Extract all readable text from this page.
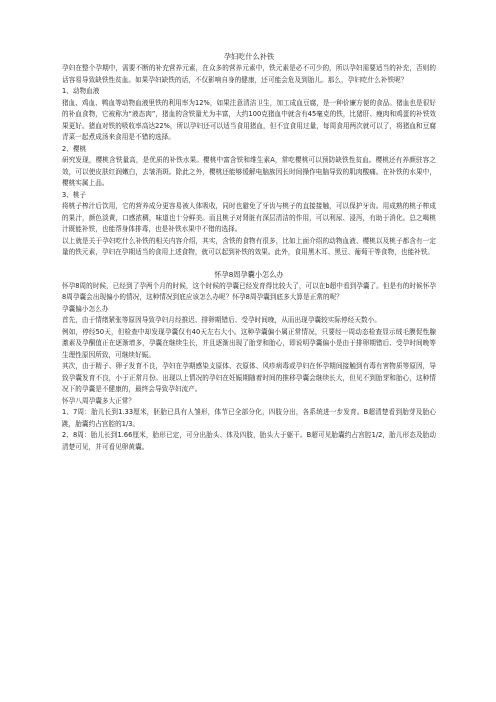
孕妇吃什么补铁

孕妇在整个孕期中，需要不断的补充营养元素，在众多的营养元素中，铁元素是必不可少的，所以孕妇需要适当的补充，否则的话容易导致缺铁性贫血。如果孕妇缺铁的话，不仅影响自身的健康，还可能会危及到胎儿。那么，孕妇吃什么补铁呢？

1、动物血液

猪血、鸡血、鸭血等动物血液里铁的利用率为12%，如果注意清洁卫生，加工成血豆腐，是一种价廉方便的食品。猪血也是很好的补血食物，它被称为“液态肉”，猪血的含铁量尤为丰富，大约100克猪血中就含有45毫克的铁，比猪肝、瘦肉和鸡蛋的补铁效果更好。猪血对铁的吸收率高达22%，所以孕妇还可以适当食用猪血，但不宜食用过量，每周食用两次就可以了，将猪血和豆腐青菜一起煮成汤来食用是不错的选择。

2、樱桃

研究发现，樱桃含铁量高，是优质的补铁水果。樱桃中富含铁和维生素A，常吃樱桃可以预防缺铁性贫血。樱桃还有养颜驻容之效，可以使皮肤红润嫩白，去皱消斑。除此之外，樱桃还能够缓解电脑族因长时间操作电脑导致的肌肉酸痛。在补铁的水果中，樱桃实属上品。

3、桃子

将桃子榨汁后饮用，它的营养成分更容易被人体吸收，同时也避免了牙齿与桃子的直接接触，可以保护牙齿。用成熟的桃子榨成的果汁，颜色淡黄，口感浓稠，味道也十分鲜美。而且桃子对肾脏有深层清洁的作用，可以利尿、浸泻，有助于消化。总之喝桃汁既能补铁，也能帮身体排毒，也是补铁水果中不错的选择。

以上就是关于孕妇吃什么补铁的相关内容介绍，其实，含铁的食物有很多，比如上面介绍的动物血液、樱桃以及桃子都含有一定量的铁元素，孕妇在孕期适当的食用上述食物，就可以起到补铁的效果。此外，食用黑木耳、黑豆、葡萄干等食物，也能补铁。

怀孕8周孕囊小怎么办

怀孕8周的时候，已经到了孕两个月的时候，这个时候的孕囊已经发育得比较大了，可以在b超中看到孕囊了。但是有的时候怀孕8周孕囊会出现偏小的情况，这种情况到底应该怎么办呢？怀孕8周孕囊到底多大算是正常的呢？

孕囊偏小怎么办

首先，由于情绪紧张等原因导致孕妇月经推迟、排卵期错后、受孕时间晚，从而出现孕囊较实际停经天数小。

例如，停经50天，但检查中却发现孕囊仅有40天左右大小。这种孕囊偏小属正常情况，只要经一周动态检查显示绒毛膜促性腺激素及孕酮值正在逐渐增多，孕囊在继续生长，并且逐渐出现了胎芽和胎心，即说明孕囊偏小是由于排卵期错后、受孕时间晚等生理性原因所致，可继续好娠。

其次，由于精子、卵子发育不良，孕妇在孕期感染支原体、衣原体、风疹病毒或孕妇在怀孕期间接触到有毒有害物质等原因，导致孕囊发育不良，小于正常月份。出现以上情况的孕妇在妊娠期随着时间的推移孕囊会继续长大，但见不到胎芽和胎心，这种情况下的孕囊是不健康的，最终会导致孕妇流产。

怀孕八周孕囊多大正常？

1、7周：胎儿长到1.33厘米，胚胎已具有人雏形，体节已全部分化，四肢分出，各系统进一步发育。B超清楚看到胎芽及胎心跳，胎囊约占宫腔的1/3。

2、8周：胎儿长到1.66厘米，胎形已定，可分出胎头、体及四肢，胎头大于躯干。B超可见胎囊约占宫腔1/2，胎儿形态及胎动清楚可见，并可看见卵黄囊。
